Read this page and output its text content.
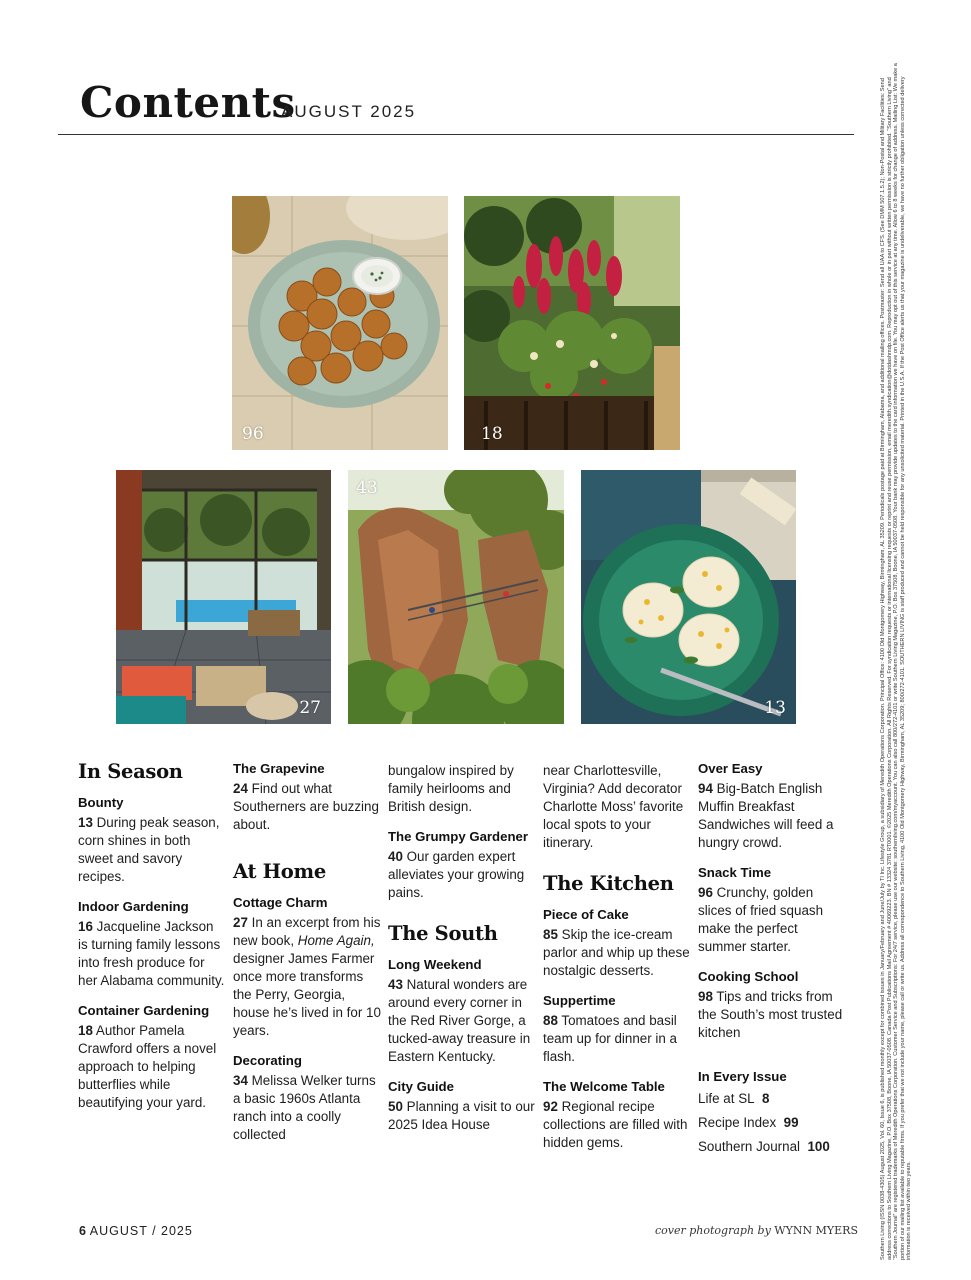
Contents
AUGUST 2025
96	18
27
43
13
In Season
Bounty
13 During peak season, corn shines in both sweet and savory recipes.
Indoor Gardening
16 Jacqueline Jackson is turning family lessons into fresh produce for her Alabama community.
Container Gardening
18 Author Pamela Crawford offers a novel approach to helping butterflies while beautifying your yard.
The Grapevine
24 Find out what Southerners are buzzing about.
At Home
Cottage Charm
27 In an excerpt from his new book, Home Again, designer James Farmer once more transforms the Perry, Georgia, house he’s lived in for 10 years.
Decorating
34 Melissa Welker turns a basic 1960s Atlanta ranch into a coolly collected
bungalow inspired by family heirlooms and British design.
The Grumpy Gardener
40 Our garden expert alleviates your growing pains.
The South
Long Weekend
43 Natural wonders are around every corner in the Red River Gorge, a tucked-away treasure in Eastern Kentucky.
City Guide
50 Planning a visit to our 2025 Idea House
near Charlottesville, Virginia? Add decorator Charlotte Moss’ favorite local spots to your itinerary.
The Kitchen
Piece of Cake
85 Skip the ice-cream parlor and whip up these nostalgic desserts.
Suppertime
88 Tomatoes and basil team up for dinner in a flash.
The Welcome Table
92 Regional recipe collections are filled with hidden gems.
Over Easy
94 Big-Batch English Muffin Breakfast Sandwiches will feed a hungry crowd.
Snack Time
96 Crunchy, golden slices of fried squash make the perfect summer starter.
Cooking School
98 Tips and tricks from the South’s most trusted kitchen
In Every Issue
Life at SL 8
Recipe Index 99
Southern Journal 100
6 AUGUST / 2025	cover photograph by WYNN MYERS	Southern Living (ISSN 0038-4305) August 2025, Vol. 60, Issue 6, is published monthly except for combined issues in January/February and June/July by TI Inc. Lifestyle Group, a subsidiary of Meredith Operations Corporation. Principal Office: 4100 Old Montgomery Highway, Birmingham, AL 35209. Periodicals postage paid at Birmingham, Alabama, and additional mailing offices. Postmaster: Send all UAA to CFS. (See DMM 507.1.5.2); Non-Postal and Military Facilities: Send address corrections to Southern Living Magazine, P.O. Box 37508, Boone, IA 50037-0508. Canada Post Publications Mail Agreement # 40069223. BN # 13324 3781 RT0001. ©2025 Meredith Operations Corporation. All Rights Reserved. For syndication requests or international licensing requests or reprint and reuse permission, email meredith.syndication@dotdashmdp.com. Reproduction in whole or in part without written permission is strictly prohibited. “Southern Living” and “Southern Journal” are registered trademarks of Meredith Operations Corporation. Customer Service and Subscriptions: For 24/7 service, please use our website: southernliving.com/myaccount. You can also call 800/272-4101 or write Southern Living Magazine, P.O. Box 37508, Boone, IA 50037-0508. Your bank may provide updates to the card information we have on file. You may opt out of this service at any time. Allow 6 to 8 weeks for change of address. Mailing List: We make a portion of our mailing list available to reputable firms. If you prefer that we not include your name, please call or write us. Address all correspondence to Southern Living, 4100 Old Montgomery Highway, Birmingham, AL 35209; 800/272-4101. SOUTHERN LIVING is staff produced and cannot be held responsible for any unsolicited material. Printed in the U.S.A. If the Post Office alerts us that your magazine is undeliverable, we have no further obligation unless corrected delivery information is received within two years.
